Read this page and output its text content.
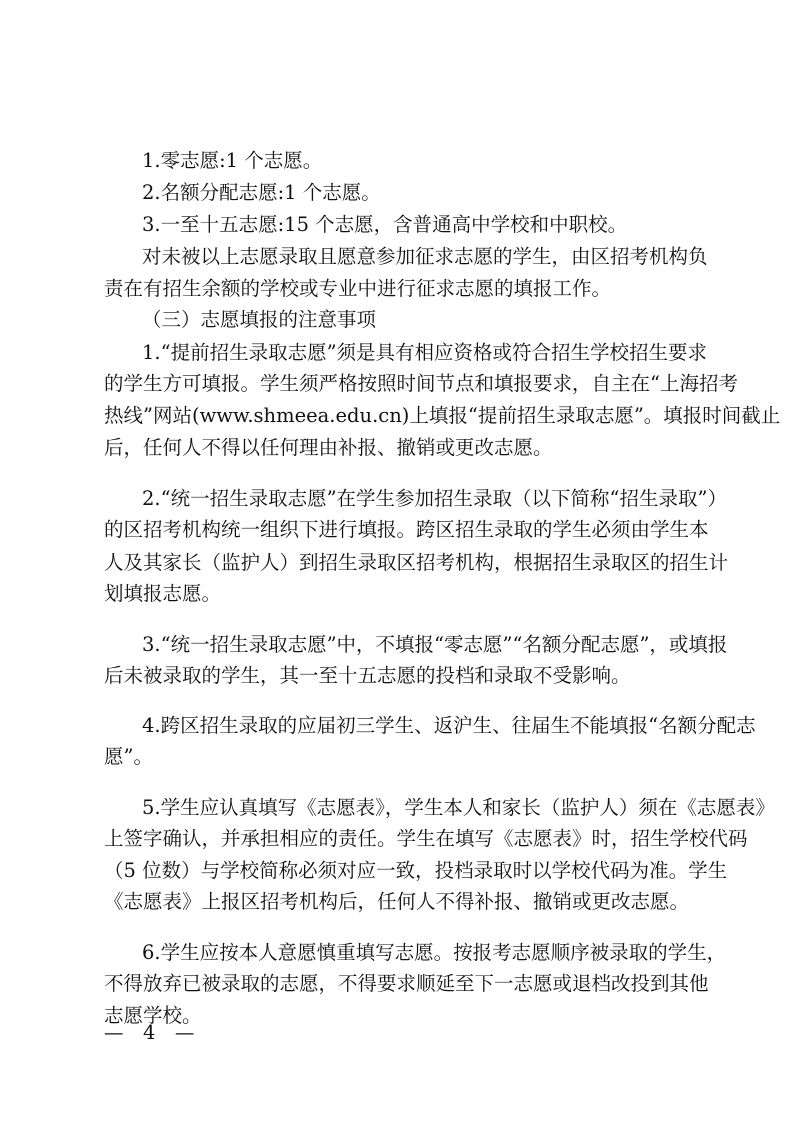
1.零志愿:1 个志愿。
2.名额分配志愿:1 个志愿。
3.一至十五志愿:15 个志愿，含普通高中学校和中职校。
对未被以上志愿录取且愿意参加征求志愿的学生，由区招考机构负
责在有招生余额的学校或专业中进行征求志愿的填报工作。
（三）志愿填报的注意事项
1.“提前招生录取志愿”须是具有相应资格或符合招生学校招生要求
的学生方可填报。学生须严格按照时间节点和填报要求，自主在“上海招考
热线”网站(www.shmeea.edu.cn)上填报“提前招生录取志愿”。填报时间截止
后，任何人不得以任何理由补报、撤销或更改志愿。
2.“统一招生录取志愿”在学生参加招生录取（以下简称“招生录取”）
的区招考机构统一组织下进行填报。跨区招生录取的学生必须由学生本
人及其家长（监护人）到招生录取区招考机构，根据招生录取区的招生计
划填报志愿。
3.“统一招生录取志愿”中，不填报“零志愿”“名额分配志愿”，或填报
后未被录取的学生，其一至十五志愿的投档和录取不受影响。
4.跨区招生录取的应届初三学生、返沪生、往届生不能填报“名额分配志
愿”。
5.学生应认真填写《志愿表》，学生本人和家长（监护人）须在《志愿表》
上签字确认，并承担相应的责任。学生在填写《志愿表》时，招生学校代码
（5 位数）与学校简称必须对应一致，投档录取时以学校代码为准。学生
《志愿表》上报区招考机构后，任何人不得补报、撤销或更改志愿。
6.学生应按本人意愿慎重填写志愿。按报考志愿顺序被录取的学生，
不得放弃已被录取的志愿，不得要求顺延至下一志愿或退档改投到其他
志愿学校。
—　4　—
